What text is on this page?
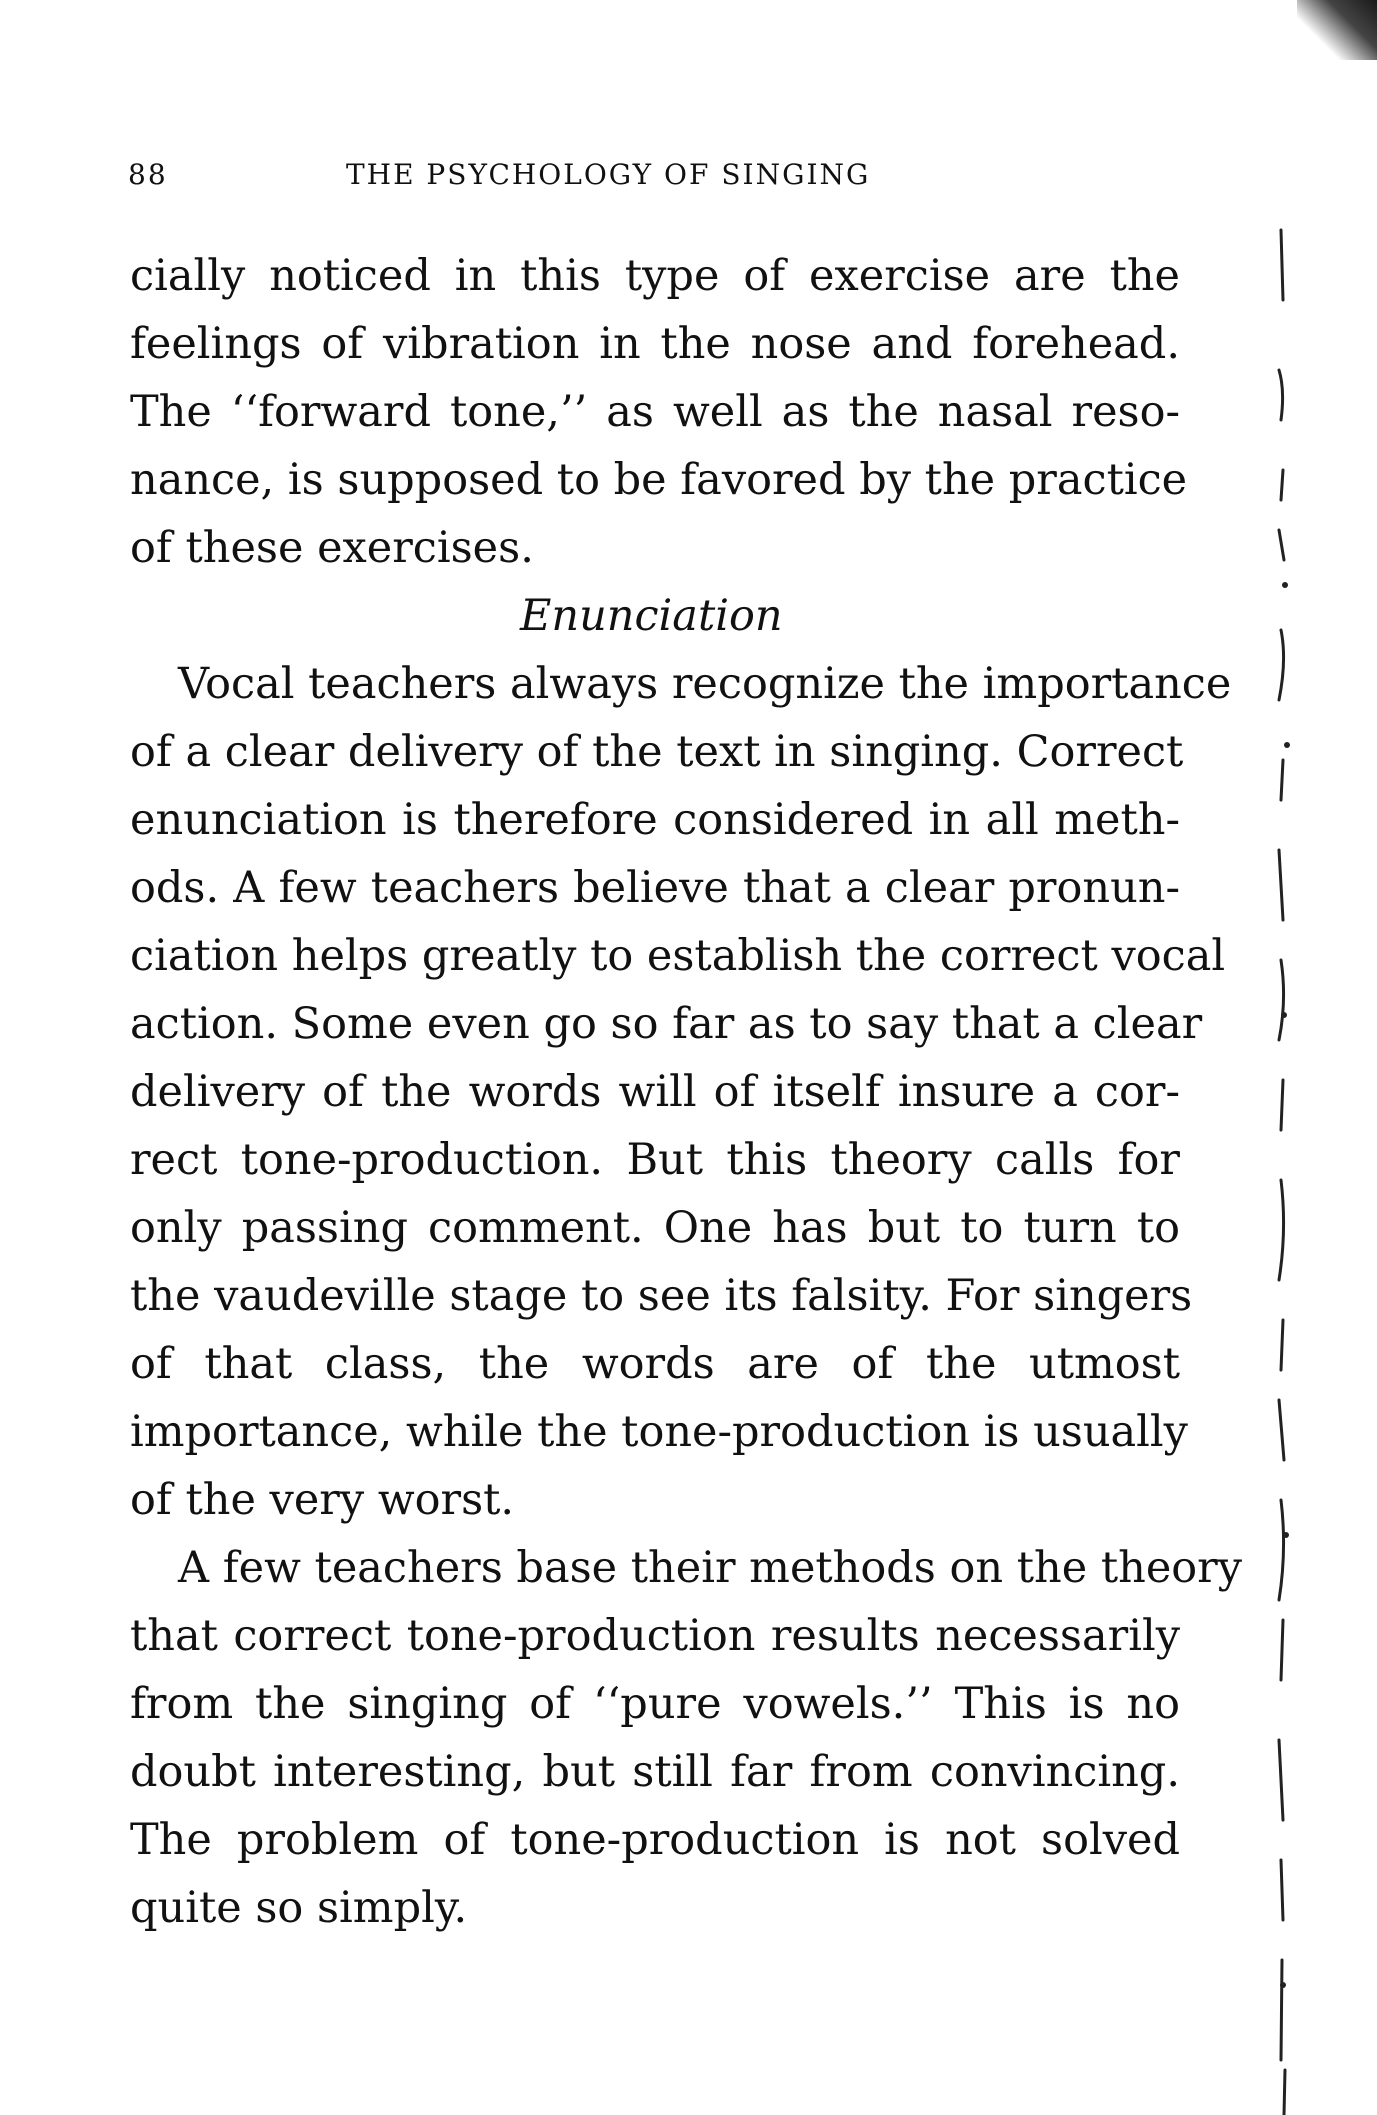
88	THE PSYCHOLOGY OF SINGING
cially noticed in this type of exercise are the
feelings of vibration in the nose and forehead.
The ‘‘forward tone,’’ as well as the nasal reso-
nance, is supposed to be favored by the practice
of these exercises.
Enunciation
Vocal teachers always recognize the importance
of a clear delivery of the text in singing. Correct
enunciation is therefore considered in all meth-
ods. A few teachers believe that a clear pronun-
ciation helps greatly to establish the correct vocal
action. Some even go so far as to say that a clear
delivery of the words will of itself insure a cor-
rect tone-production. But this theory calls for
only passing comment. One has but to turn to
the vaudeville stage to see its falsity. For singers
of that class, the words are of the utmost
importance, while the tone-production is usually
of the very worst.
A few teachers base their methods on the theory
that correct tone-production results necessarily
from the singing of ‘‘pure vowels.’’ This is no
doubt interesting, but still far from convincing.
The problem of tone-production is not solved
quite so simply.
